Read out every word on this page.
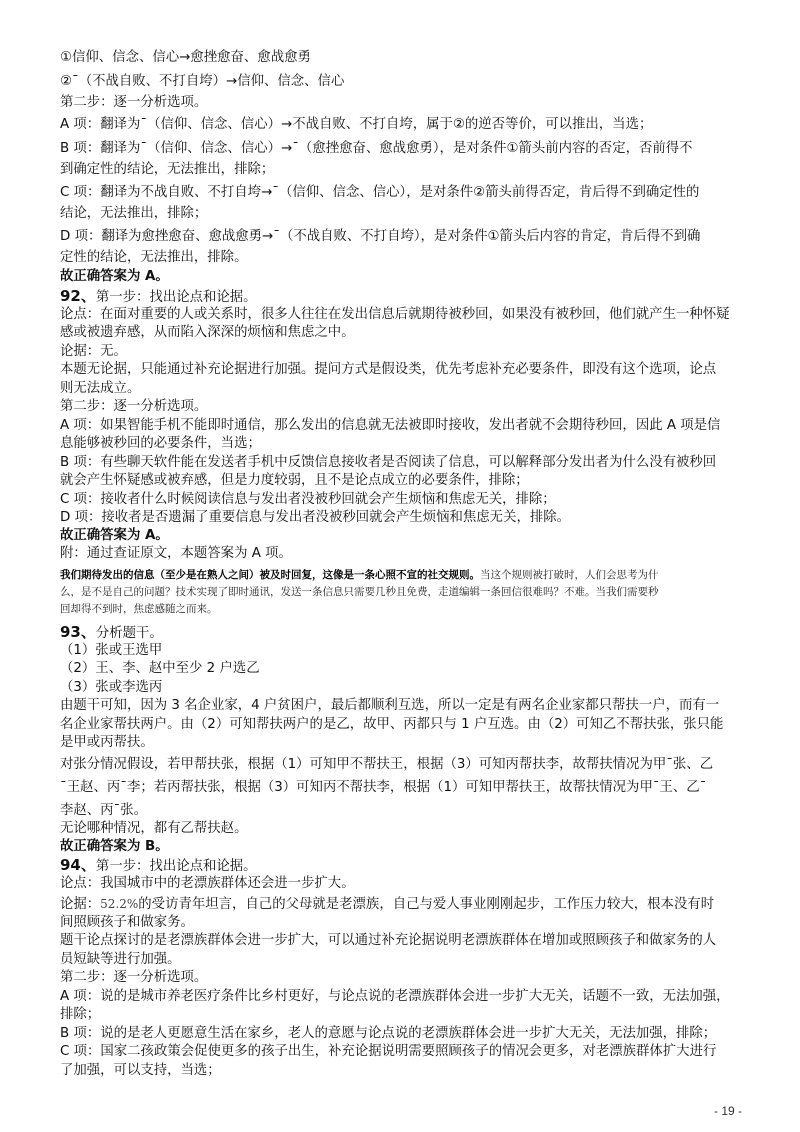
①信仰、信念、信心→愈挫愈奋、愈战愈勇
②¯（不战自败、不打自垮）→信仰、信念、信心
第二步：逐一分析选项。
A 项：翻译为¯（信仰、信念、信心）→不战自败、不打自垮，属于②的逆否等价，可以推出，当选；
B 项：翻译为¯（信仰、信念、信心）→¯（愈挫愈奋、愈战愈勇），是对条件①箭头前内容的否定，否前得不
到确定性的结论，无法推出，排除；
C 项：翻译为不战自败、不打自垮→¯（信仰、信念、信心），是对条件②箭头前得否定，肯后得不到确定性的
结论，无法推出，排除；
D 项：翻译为愈挫愈奋、愈战愈勇→¯（不战自败、不打自垮），是对条件①箭头后内容的肯定，肯后得不到确
定性的结论，无法推出，排除。
故正确答案为 A。
92、第一步：找出论点和论据。
论点：在面对重要的人或关系时，很多人往往在发出信息后就期待被秒回，如果没有被秒回，他们就产生一种怀疑
感或被遗弃感，从而陷入深深的烦恼和焦虑之中。
论据：无。
本题无论据，只能通过补充论据进行加强。提问方式是假设类，优先考虑补充必要条件，即没有这个选项，论点
则无法成立。
第二步：逐一分析选项。
A 项：如果智能手机不能即时通信，那么发出的信息就无法被即时接收，发出者就不会期待秒回，因此 A 项是信
息能够被秒回的必要条件，当选；
B 项：有些聊天软件能在发送者手机中反馈信息接收者是否阅读了信息，可以解释部分发出者为什么没有被秒回
就会产生怀疑感或被弃感，但是力度较弱，且不是论点成立的必要条件，排除；
C 项：接收者什么时候阅读信息与发出者没被秒回就会产生烦恼和焦虑无关，排除；
D 项：接收者是否遗漏了重要信息与发出者没被秒回就会产生烦恼和焦虑无关，排除。
故正确答案为 A。
附：通过查证原文，本题答案为 A 项。
我们期待发出的信息（至少是在熟人之间）被及时回复，这像是一条心照不宣的社交规则。当这个规则被打破时，人们会思考为什
么，是不是自己的问题？技术实现了即时通讯，发送一条信息只需要几秒且免费，走道编辑一条回信很难吗？不难。当我们需要秒
回却得不到时，焦虑感随之而来。
93、分析题干。
（1）张或王选甲
（2）王、李、赵中至少 2 户选乙
（3）张或李选丙
由题干可知，因为 3 名企业家，4 户贫困户，最后都顺利互选，所以一定是有两名企业家都只帮扶一户，而有一
名企业家帮扶两户。由（2）可知帮扶两户的是乙，故甲、丙都只与 1 户互选。由（2）可知乙不帮扶张，张只能
是甲或丙帮扶。
对张分情况假设，若甲帮扶张，根据（1）可知甲不帮扶王，根据（3）可知丙帮扶李，故帮扶情况为甲¯张、乙
¯王赵、丙¯李；若丙帮扶张，根据（3）可知丙不帮扶李，根据（1）可知甲帮扶王，故帮扶情况为甲¯王、乙¯
李赵、丙¯张。
无论哪种情况，都有乙帮扶赵。
故正确答案为 B。
94、第一步：找出论点和论据。
论点：我国城市中的老漂族群体还会进一步扩大。
论据：52.2%的受访青年坦言，自己的父母就是老漂族，自己与爱人事业刚刚起步，工作压力较大，根本没有时
间照顾孩子和做家务。
题干论点探讨的是老漂族群体会进一步扩大，可以通过补充论据说明老漂族群体在增加或照顾孩子和做家务的人
员短缺等进行加强。
第二步：逐一分析选项。
A 项：说的是城市养老医疗条件比乡村更好，与论点说的老漂族群体会进一步扩大无关，话题不一致，无法加强，
排除；
B 项：说的是老人更愿意生活在家乡，老人的意愿与论点说的老漂族群体会进一步扩大无关，无法加强，排除；
C 项：国家二孩政策会促使更多的孩子出生，补充论据说明需要照顾孩子的情况会更多，对老漂族群体扩大进行
了加强，可以支持，当选；
- 19 -
